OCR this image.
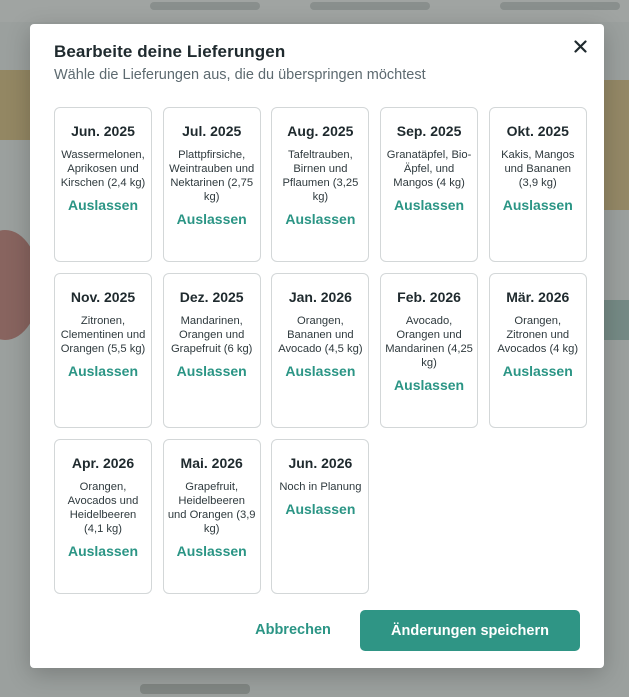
Bearbeite deine Lieferungen
Wähle die Lieferungen aus, die du überspringen möchtest
Jun. 2025
Wassermelonen, Aprikosen und Kirschen (2,4 kg)
Auslassen
Jul. 2025
Plattpfirsiche, Weintrauben und Nektarinen (2,75 kg)
Auslassen
Aug. 2025
Tafeltrauben, Birnen und Pflaumen (3,25 kg)
Auslassen
Sep. 2025
Granatäpfel, Bio-Äpfel, und Mangos (4 kg)
Auslassen
Okt. 2025
Kakis, Mangos und Bananen (3,9 kg)
Auslassen
Nov. 2025
Zitronen, Clementinen und Orangen (5,5 kg)
Auslassen
Dez. 2025
Mandarinen, Orangen und Grapefruit (6 kg)
Auslassen
Jan. 2026
Orangen, Bananen und Avocado (4,5 kg)
Auslassen
Feb. 2026
Avocado, Orangen und Mandarinen (4,25 kg)
Auslassen
Mär. 2026
Orangen, Zitronen und Avocados (4 kg)
Auslassen
Apr. 2026
Orangen, Avocados und Heidelbeeren (4,1 kg)
Auslassen
Mai. 2026
Grapefruit, Heidelbeeren und Orangen (3,9 kg)
Auslassen
Jun. 2026
Noch in Planung
Auslassen
Abbrechen	Änderungen speichern
